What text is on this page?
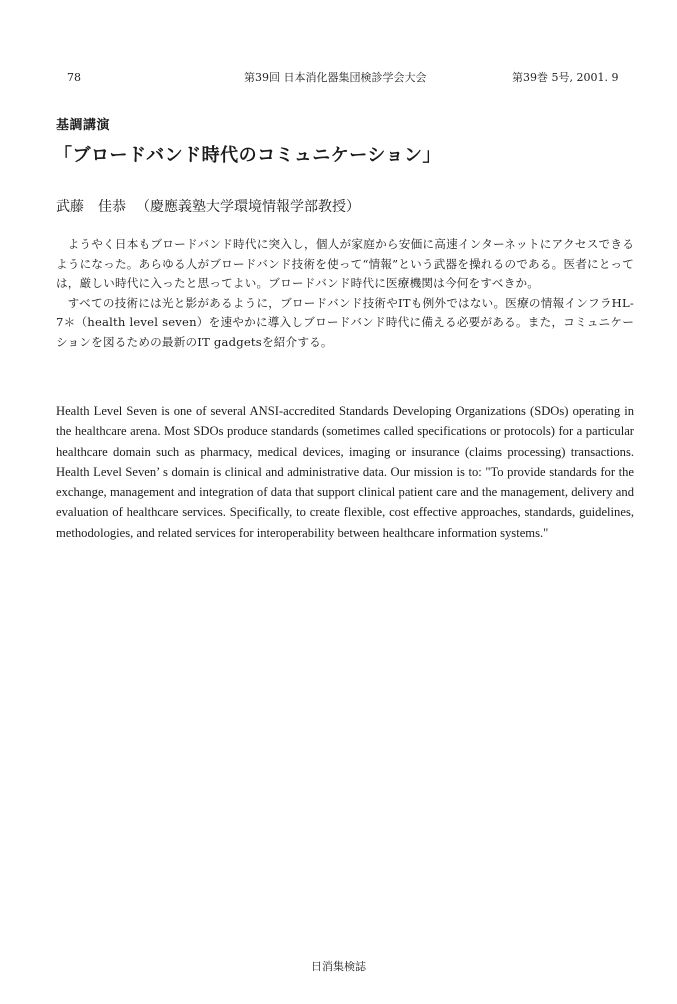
78	第39回 日本消化器集団検診学会大会	第39巻 5号, 2001. 9
基調講演
「ブロードバンド時代のコミュニケーション」
武藤　佳恭 （慶應義塾大学環境情報学部教授）

ようやく日本もブロードバンド時代に突入し，個人が家庭から安価に高速インターネットにアクセスできるようになった。あらゆる人がブロードバンド技術を使って“情報”という武器を操れるのである。医者にとっては，厳しい時代に入ったと思ってよい。ブロードバンド時代に医療機関は今何をすべきか。

すべての技術には光と影があるように，ブロードバンド技術やITも例外ではない。医療の情報インフラHL-7＊（health level seven）を速やかに導入しブロードバンド時代に備える必要がある。また，コミュニケーションを図るための最新のIT gadgetsを紹介する。

Health Level Seven is one of several ANSI-accredited Standards Developing Organizations (SDOs) operating in the healthcare arena. Most SDOs produce standards (sometimes called specifications or protocols) for a particular healthcare domain such as pharmacy, medical devices, imaging or insurance (claims processing) transactions. Health Level Seven’ s domain is clinical and administrative data. Our mission is to: "To provide standards for the exchange, management and integration of data that support clinical patient care and the management, delivery and evaluation of healthcare services. Specifically, to create flexible, cost effective approaches, standards, guidelines, methodologies, and related services for interoperability between healthcare information systems."

日消集検誌
